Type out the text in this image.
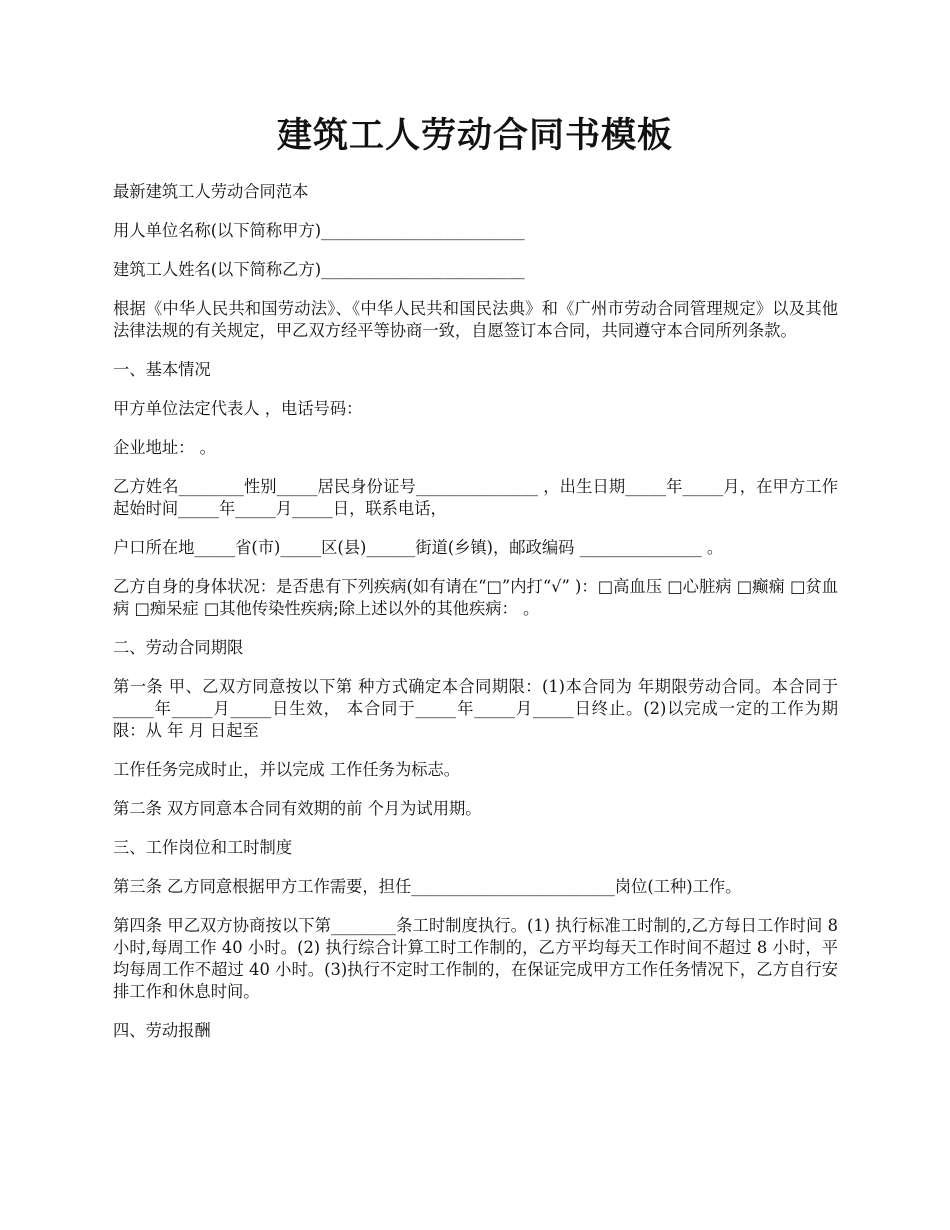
建筑工人劳动合同书模板

最新建筑工人劳动合同范本

用人单位名称(以下简称甲方)_________________________

建筑工人姓名(以下简称乙方)_________________________

根据《中华人民共和国劳动法》、《中华人民共和国民法典》和《广州市劳动合同管理规定》以及其他法律法规的有关规定，甲乙双方经平等协商一致，自愿签订本合同，共同遵守本合同所列条款。

一、基本情况

甲方单位法定代表人 ，电话号码：

企业地址： 。

乙方姓名________性别_____居民身份证号_______________ ，出生日期_____年_____月，在甲方工作起始时间_____年_____月_____日，联系电话，

户口所在地_____省(市)_____区(县)______街道(乡镇)，邮政编码 _______________ 。

乙方自身的身体状况：是否患有下列疾病(如有请在“□”内打“√” )：□高血压 □心脏病 □癫痫 □贫血病 □痴呆症 □其他传染性疾病;除上述以外的其他疾病： 。

二、劳动合同期限

第一条 甲、乙双方同意按以下第 种方式确定本合同期限：(1)本合同为 年期限劳动合同。本合同于_____年_____月_____日生效， 本合同于_____年_____月_____日终止。(2)以完成一定的工作为期限：从 年 月 日起至

工作任务完成时止，并以完成 工作任务为标志。

第二条 双方同意本合同有效期的前 个月为试用期。

三、工作岗位和工时制度

第三条 乙方同意根据甲方工作需要，担任_________________________岗位(工种)工作。

第四条 甲乙双方协商按以下第________条工时制度执行。(1) 执行标准工时制的,乙方每日工作时间 8 小时,每周工作 40 小时。(2) 执行综合计算工时工作制的，乙方平均每天工作时间不超过 8 小时，平均每周工作不超过 40 小时。(3)执行不定时工作制的，在保证完成甲方工作任务情况下，乙方自行安排工作和休息时间。

四、劳动报酬
